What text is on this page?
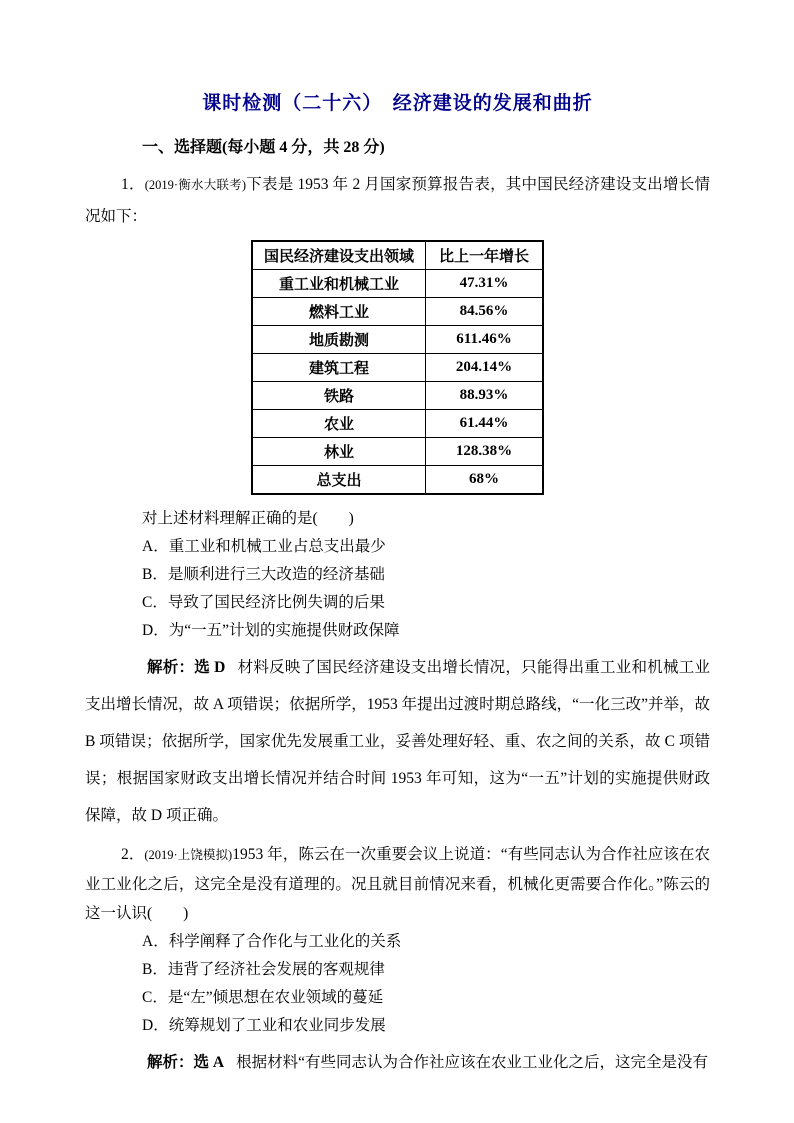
课时检测（二十六）　经济建设的发展和曲折

一、选择题(每小题 4 分，共 28 分)

1．(2019·衡水大联考)下表是 1953 年 2 月国家预算报告表，其中国民经济建设支出增长情况如下：

国民经济建设支出领域	比上一年增长
重工业和机械工业	47.31%
燃料工业	84.56%
地质勘测	611.46%
建筑工程	204.14%
铁路	88.93%
农业	61.44%
林业	128.38%
总支出	68%

对上述材料理解正确的是(　　)

A．重工业和机械工业占总支出最少

B．是顺利进行三大改造的经济基础

C．导致了国民经济比例失调的后果

D．为“一五”计划的实施提供财政保障

解析：选 D 材料反映了国民经济建设支出增长情况，只能得出重工业和机械工业支出增长情况，故 A 项错误；依据所学，1953 年提出过渡时期总路线，“一化三改”并举，故 B 项错误；依据所学，国家优先发展重工业，妥善处理好轻、重、农之间的关系，故 C 项错误；根据国家财政支出增长情况并结合时间 1953 年可知，这为“一五”计划的实施提供财政保障，故 D 项正确。

2．(2019·上饶模拟)1953 年，陈云在一次重要会议上说道：“有些同志认为合作社应该在农业工业化之后，这完全是没有道理的。况且就目前情况来看，机械化更需要合作化。”陈云的这一认识(　　)

A．科学阐释了合作化与工业化的关系

B．违背了经济社会发展的客观规律

C．是“左”倾思想在农业领域的蔓延

D．统筹规划了工业和农业同步发展

解析：选 A 根据材料“有些同志认为合作社应该在农业工业化之后，这完全是没有
